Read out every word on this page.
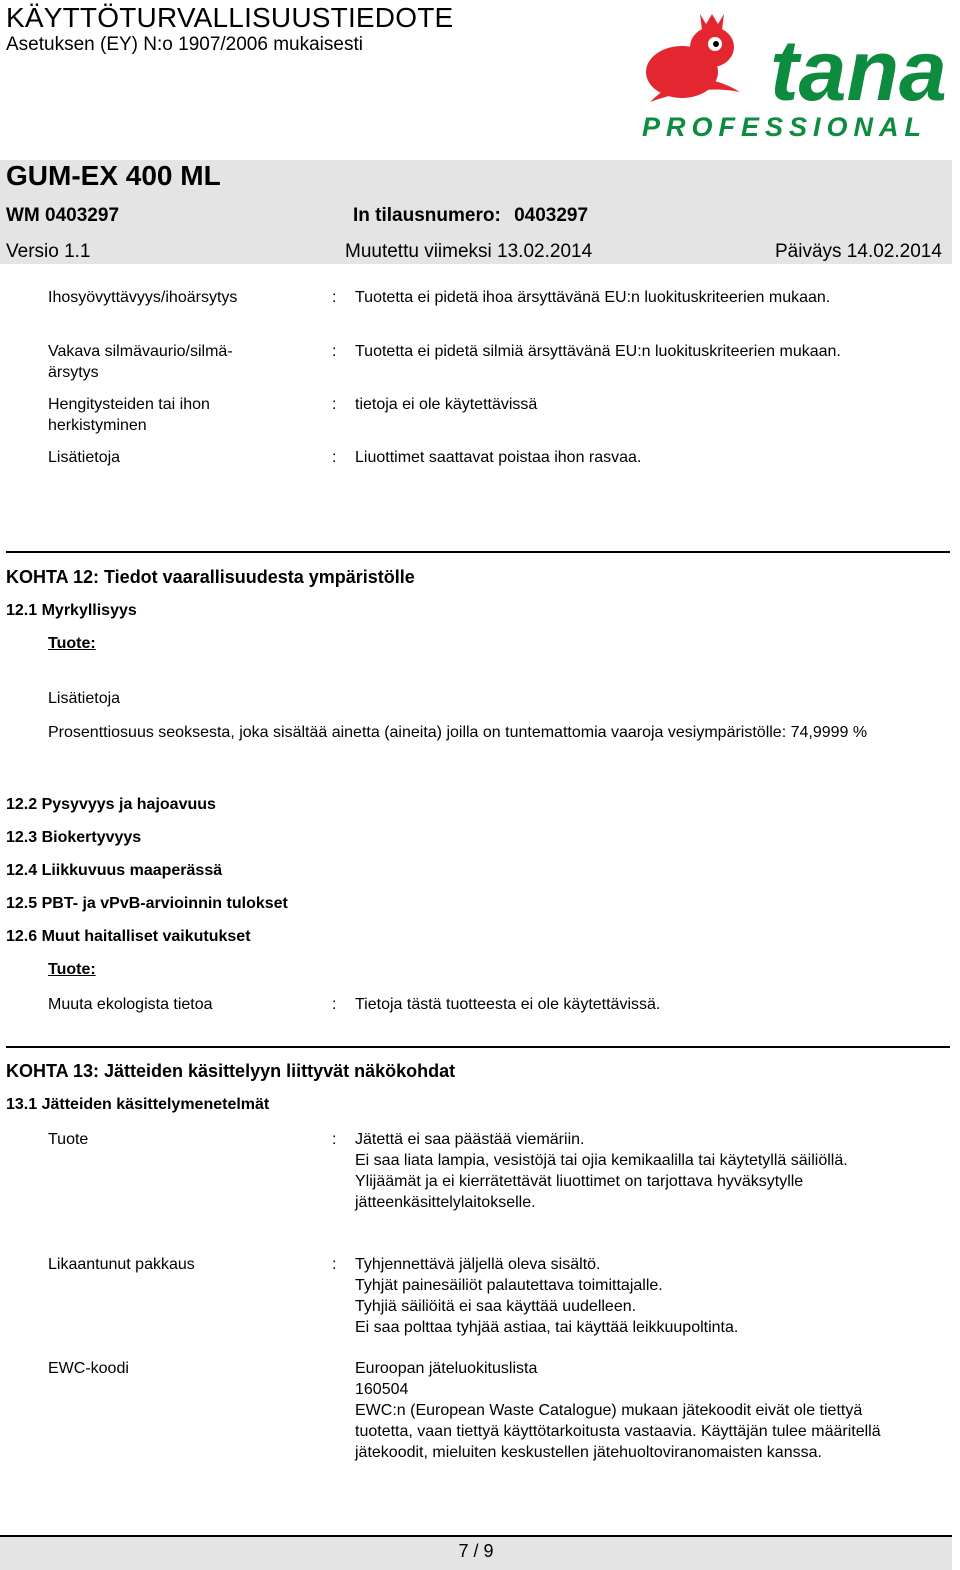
KÄYTTÖTURVALLISUUSTIEDOTE
Asetuksen (EY) N:o 1907/2006 mukaisesti	tana
PROFESSIONAL
GUM-EX 400 ML
WM 0403297	In tilausnumero: 0403297
Versio 1.1	Muutettu viimeksi 13.02.2014	Päiväys 14.02.2014
Ihosyövyttävyys/ihoärsytys	: Tuotetta ei pidetä ihoa ärsyttävänä EU:n luokituskriteerien mukaan.
Vakava silmävaurio/silmä-ärsytys
: Tuotetta ei pidetä silmiä ärsyttävänä EU:n luokituskriteerien mukaan.
Hengitysteiden tai ihon herkistyminen
: tietoja ei ole käytettävissä
Lisätietoja	: Liuottimet saattavat poistaa ihon rasvaa.
KOHTA 12: Tiedot vaarallisuudesta ympäristölle
12.1 Myrkyllisyys
Tuote:
Lisätietoja
Prosenttiosuus seoksesta, joka sisältää ainetta (aineita) joilla on tuntemattomia vaaroja vesiympäristölle: 74,9999 %
12.2 Pysyvyys ja hajoavuus
12.3 Biokertyvyys
12.4 Liikkuvuus maaperässä
12.5 PBT- ja vPvB-arvioinnin tulokset
12.6 Muut haitalliset vaikutukset
Tuote:
Muuta ekologista tietoa	: Tietoja tästä tuotteesta ei ole käytettävissä.
KOHTA 13: Jätteiden käsittelyyn liittyvät näkökohdat
13.1 Jätteiden käsittelymenetelmät
Tuote	: Jätettä ei saa päästää viemäriin.
Ei saa liata lampia, vesistöjä tai ojia kemikaalilla tai käytetyllä säiliöllä.
Ylijäämät ja ei kierrätettävät liuottimet on tarjottava hyväksytylle jätteenkäsittelylaitokselle.
Likaantunut pakkaus	: Tyhjennettävä jäljellä oleva sisältö.
Tyhjät painesäiliöt palautettava toimittajalle.
Tyhjiä säiliöitä ei saa käyttää uudelleen.
Ei saa polttaa tyhjää astiaa, tai käyttää leikkuupoltinta.
EWC-koodi	Euroopan jäteluokituslista
160504
EWC:n (European Waste Catalogue) mukaan jätekoodit eivät ole tiettyä tuotetta, vaan tiettyä käyttötarkoitusta vastaavia. Käyttäjän tulee määritellä jätekoodit, mieluiten keskustellen jätehuoltoviranomaisten kanssa.
7 / 9
